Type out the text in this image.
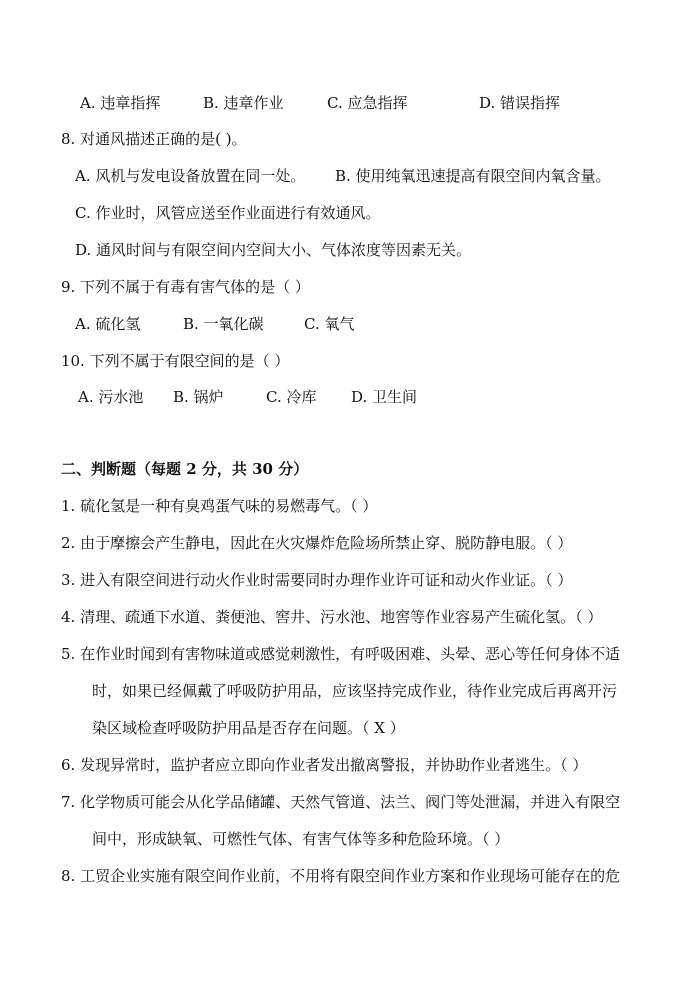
A. 违章指挥	B. 违章作业	C. 应急指挥	D. 错误指挥
8. 对通风描述正确的是( )。
A. 风机与发电设备放置在同一处。 B. 使用纯氧迅速提高有限空间内氧含量。
C. 作业时，风管应送至作业面进行有效通风。
D. 通风时间与有限空间内空间大小、气体浓度等因素无关。
9. 下列不属于有毒有害气体的是（ ）
A. 硫化氢	B. 一氧化碳	C. 氧气
10. 下列不属于有限空间的是（ ）
A. 污水池 B. 锅炉	C. 冷库 D. 卫生间
二、判断题（每题 2 分，共 30 分）
1. 硫化氢是一种有臭鸡蛋气味的易燃毒气。（ ）
2. 由于摩擦会产生静电，因此在火灾爆炸危险场所禁止穿、脱防静电服。（ ）
3. 进入有限空间进行动火作业时需要同时办理作业许可证和动火作业证。（ ）
4. 清理、疏通下水道、粪便池、窖井、污水池、地窖等作业容易产生硫化氢。（ ）
5. 在作业时闻到有害物味道或感觉刺激性，有呼吸困难、头晕、恶心等任何身体不适
时，如果已经佩戴了呼吸防护用品，应该坚持完成作业，待作业完成后再离开污
染区域检查呼吸防护用品是否存在问题。（ X ）
6. 发现异常时，监护者应立即向作业者发出撤离警报，并协助作业者逃生。（ ）
7. 化学物质可能会从化学品储罐、天然气管道、法兰、阀门等处泄漏，并进入有限空
间中，形成缺氧、可燃性气体、有害气体等多种危险环境。（ ）
8. 工贸企业实施有限空间作业前，不用将有限空间作业方案和作业现场可能存在的危
